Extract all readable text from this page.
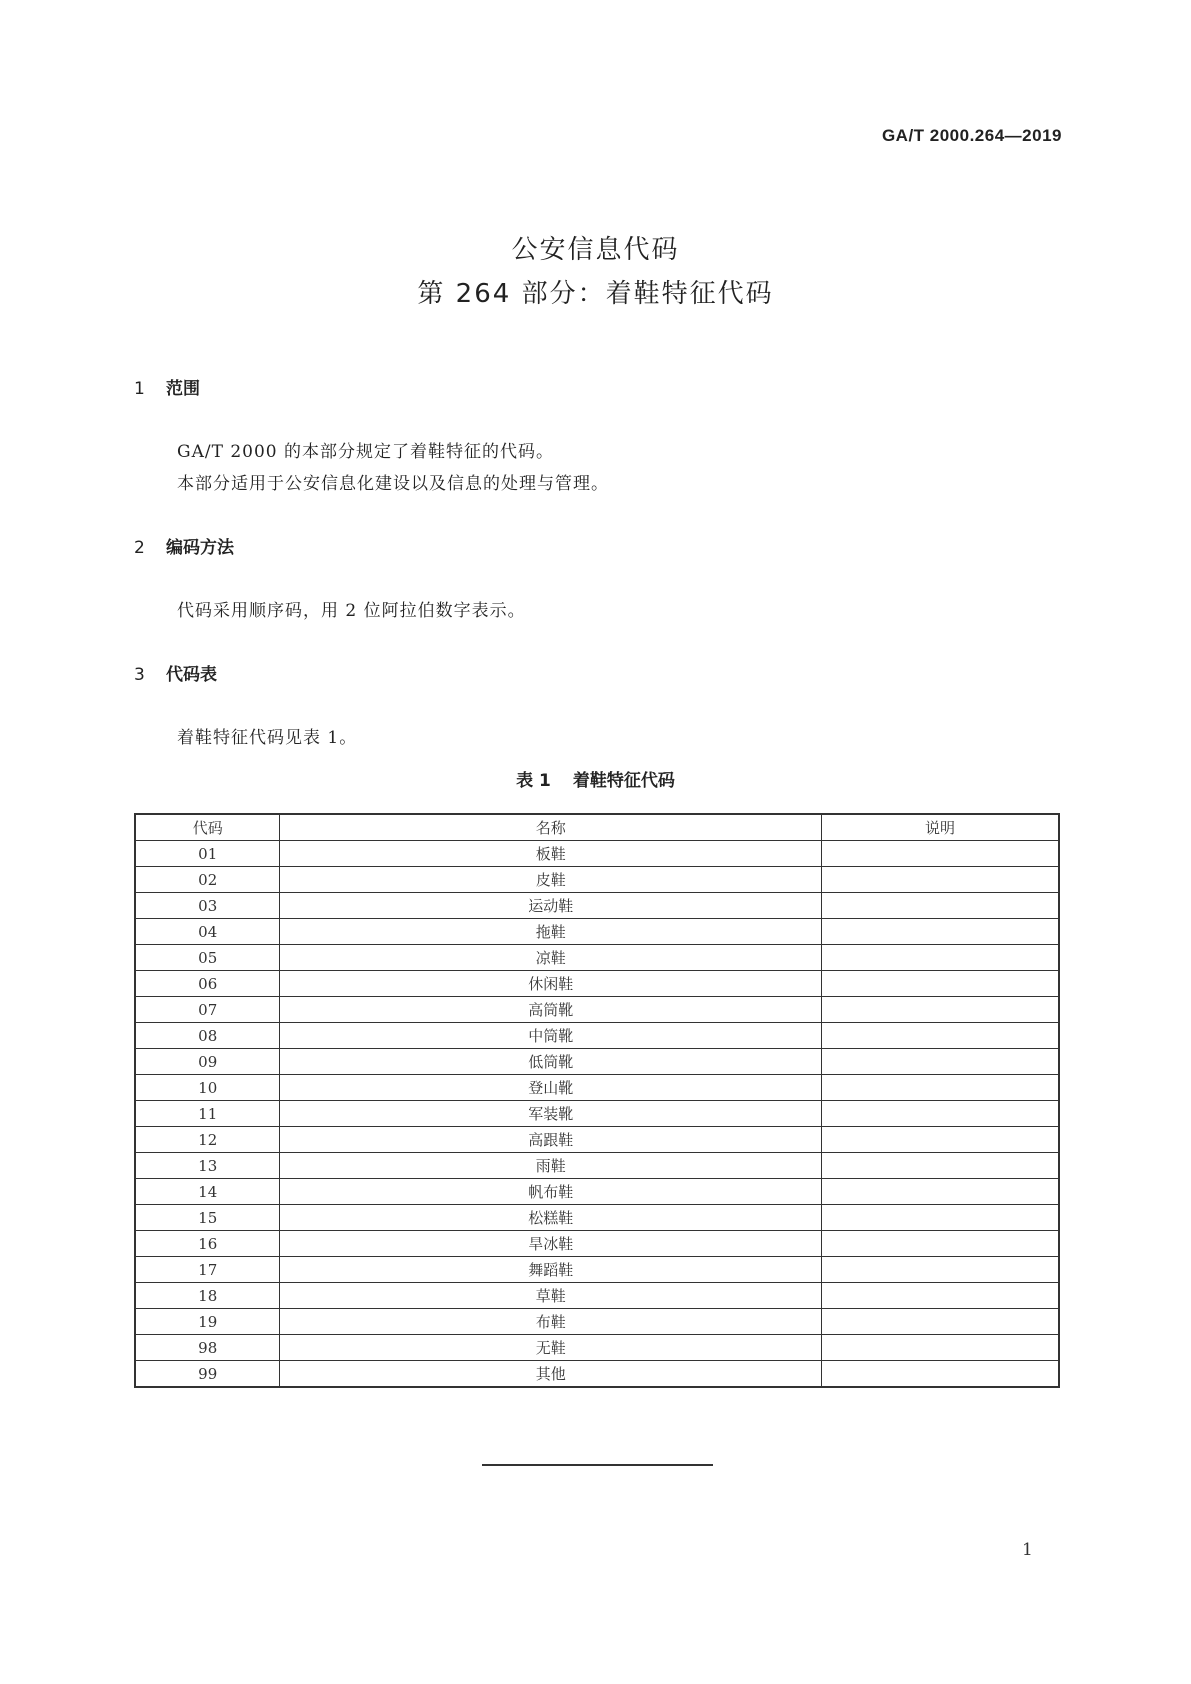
GA/T 2000.264—2019
公安信息代码
第 264 部分：着鞋特征代码
1 范围
GA/T 2000 的本部分规定了着鞋特征的代码。
本部分适用于公安信息化建设以及信息的处理与管理。
2 编码方法
代码采用顺序码，用 2 位阿拉伯数字表示。
3 代码表
着鞋特征代码见表 1。
表 1 着鞋特征代码
代码	名称	说明
01	板鞋	
02	皮鞋	
03	运动鞋	
04	拖鞋	
05	凉鞋	
06	休闲鞋	
07	高筒靴	
08	中筒靴	
09	低筒靴	
10	登山靴	
11	军装靴	
12	高跟鞋	
13	雨鞋	
14	帆布鞋	
15	松糕鞋	
16	旱冰鞋	
17	舞蹈鞋	
18	草鞋	
19	布鞋	
98	无鞋	
99	其他	
1
